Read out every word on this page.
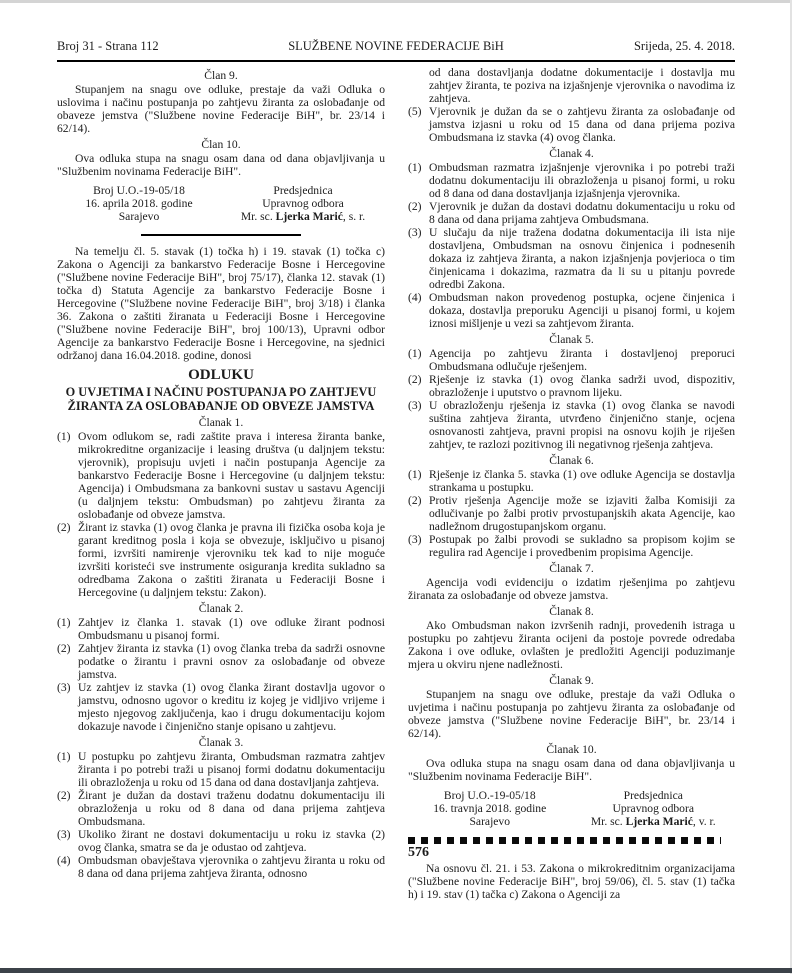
Broj 31 - Strana 112	SLUŽBENE NOVINE FEDERACIJE BiH	Srijeda, 25. 4. 2018.
Član 9.

Stupanjem na snagu ove odluke, prestaje da važi Odluka o uslovima i načinu postupanja po zahtjevu žiranta za oslobađanje od obaveze jemstva ("Službene novine Federacije BiH", br. 23/14 i 62/14).

Član 10.

Ova odluka stupa na snagu osam dana od dana objavljivanja u "Službenim novinama Federacije BiH".

Broj U.O.-19-05/18
16. aprila 2018. godine
Sarajevo
Predsjednica
Upravnog odbora
Mr. sc. Ljerka Marić, s. r.

Na temelju čl. 5. stavak (1) točka h) i 19. stavak (1) točka c) Zakona o Agenciji za bankarstvo Federacije Bosne i Hercegovine ("Službene novine Federacije BiH", broj 75/17), članka 12. stavak (1) točka d) Statuta Agencije za bankarstvo Federacije Bosne i Hercegovine ("Službene novine Federacije BiH", broj 3/18) i članka 36. Zakona o zaštiti žiranata u Federaciji Bosne i Hercegovine ("Službene novine Federacije BiH", broj 100/13), Upravni odbor Agencije za bankarstvo Federacije Bosne i Hercegovine, na sjednici održanoj dana 16.04.2018. godine, donosi

ODLUKU
O UVJETIMA I NAČINU POSTUPANJA PO ZAHTJEVU ŽIRANTA ZA OSLOBAĐANJE OD OBVEZE JAMSTVA
Članak 1.
(1) Ovom odlukom se, radi zaštite prava i interesa žiranta banke, mikrokreditne organizacije i leasing društva (u daljnjem tekstu: vjerovnik), propisuju uvjeti i način postupanja Agencije za bankarstvo Federacije Bosne i Hercegovine (u daljnjem tekstu: Agencija) i Ombudsmana za bankovni sustav u sastavu Agenciji (u daljnjem tekstu: Ombudsman) po zahtjevu žiranta za oslobađanje od obveze jamstva.
(2) Žirant iz stavka (1) ovog članka je pravna ili fizička osoba koja je garant kreditnog posla i koja se obvezuje, isključivo u pisanoj formi, izvršiti namirenje vjerovniku tek kad to nije moguće izvršiti koristeći sve instrumente osiguranja kredita sukladno sa odredbama Zakona o zaštiti žiranata u Federaciji Bosne i Hercegovine (u daljnjem tekstu: Zakon).
Članak 2.
(1) Zahtjev iz članka 1. stavak (1) ove odluke žirant podnosi Ombudsmanu u pisanoj formi.
(2) Zahtjev žiranta iz stavka (1) ovog članka treba da sadrži osnovne podatke o žirantu i pravni osnov za oslobađanje od obveze jamstva.
(3) Uz zahtjev iz stavka (1) ovog članka žirant dostavlja ugovor o jamstvu, odnosno ugovor o kreditu iz kojeg je vidljivo vrijeme i mjesto njegovog zaključenja, kao i drugu dokumentaciju kojom dokazuje navode i činjenično stanje opisano u zahtjevu.
Članak 3.
(1) U postupku po zahtjevu žiranta, Ombudsman razmatra zahtjev žiranta i po potrebi traži u pisanoj formi dodatnu dokumentaciju ili obrazloženja u roku od 15 dana od dana dostavljanja zahtjeva.
(2) Žirant je dužan da dostavi traženu dodatnu dokumentaciju ili obrazloženja u roku od 8 dana od dana prijema zahtjeva Ombudsmana.
(3) Ukoliko žirant ne dostavi dokumentaciju u roku iz stavka (2) ovog članka, smatra se da je odustao od zahtjeva.
(4) Ombudsman obavještava vjerovnika o zahtjevu žiranta u roku od 8 dana od dana prijema zahtjeva žiranta, odnosno
od dana dostavljanja dodatne dokumentacije i dostavlja mu zahtjev žiranta, te poziva na izjašnjenje vjerovnika o navodima iz zahtjeva.
(5) Vjerovnik je dužan da se o zahtjevu žiranta za oslobađanje od jamstva izjasni u roku od 15 dana od dana prijema poziva Ombudsmana iz stavka (4) ovog članka.
Članak 4.
(1) Ombudsman razmatra izjašnjenje vjerovnika i po potrebi traži dodatnu dokumentaciju ili obrazloženja u pisanoj formi, u roku od 8 dana od dana dostavljanja izjašnjenja vjerovnika.
(2) Vjerovnik je dužan da dostavi dodatnu dokumentaciju u roku od 8 dana od dana prijama zahtjeva Ombudsmana.
(3) U slučaju da nije tražena dodatna dokumentacija ili ista nije dostavljena, Ombudsman na osnovu činjenica i podnesenih dokaza iz zahtjeva žiranta, a nakon izjašnjenja povjerioca o tim činjenicama i dokazima, razmatra da li su u pitanju povrede odredbi Zakona.
(4) Ombudsman nakon provedenog postupka, ocjene činjenica i dokaza, dostavlja preporuku Agenciji u pisanoj formi, u kojem iznosi mišljenje u vezi sa zahtjevom žiranta.
Članak 5.
(1) Agencija po zahtjevu žiranta i dostavljenoj preporuci Ombudsmana odlučuje rješenjem.
(2) Rješenje iz stavka (1) ovog članka sadrži uvod, dispozitiv, obrazloženje i uputstvo o pravnom lijeku.
(3) U obrazloženju rješenja iz stavka (1) ovog članka se navodi suština zahtjeva žiranta, utvrđeno činjenično stanje, ocjena osnovanosti zahtjeva, pravni propisi na osnovu kojih je riješen zahtjev, te razlozi pozitivnog ili negativnog rješenja zahtjeva.
Članak 6.
(1) Rješenje iz članka 5. stavka (1) ove odluke Agencija se dostavlja strankama u postupku.
(2) Protiv rješenja Agencije može se izjaviti žalba Komisiji za odlučivanje po žalbi protiv prvostupanjskih akata Agencije, kao nadležnom drugostupanjskom organu.
(3) Postupak po žalbi provodi se sukladno sa propisom kojim se regulira rad Agencije i provedbenim propisima Agencije.
Članak 7.

Agencija vodi evidenciju o izdatim rješenjima po zahtjevu žiranata za oslobađanje od obveze jamstva.

Članak 8.

Ako Ombudsman nakon izvršenih radnji, provedenih istraga u postupku po zahtjevu žiranta ocijeni da postoje povrede odredaba Zakona i ove odluke, ovlašten je predložiti Agenciji poduzimanje mjera u okviru njene nadležnosti.

Članak 9.

Stupanjem na snagu ove odluke, prestaje da važi Odluka o uvjetima i načinu postupanja po zahtjevu žiranta za oslobađanje od obveze jamstva ("Službene novine Federacije BiH", br. 23/14 i 62/14).

Članak 10.

Ova odluka stupa na snagu osam dana od dana objavljivanja u "Službenim novinama Federacije BiH".

Broj U.O.-19-05/18
16. travnja 2018. godine
Sarajevo
Predsjednica
Upravnog odbora
Mr. sc. Ljerka Marić, v. r.
576

Na osnovu čl. 21. i 53. Zakona o mikrokreditnim organizacijama ("Službene novine Federacije BiH", broj 59/06), čl. 5. stav (1) tačka h) i 19. stav (1) tačka c) Zakona o Agenciji za
